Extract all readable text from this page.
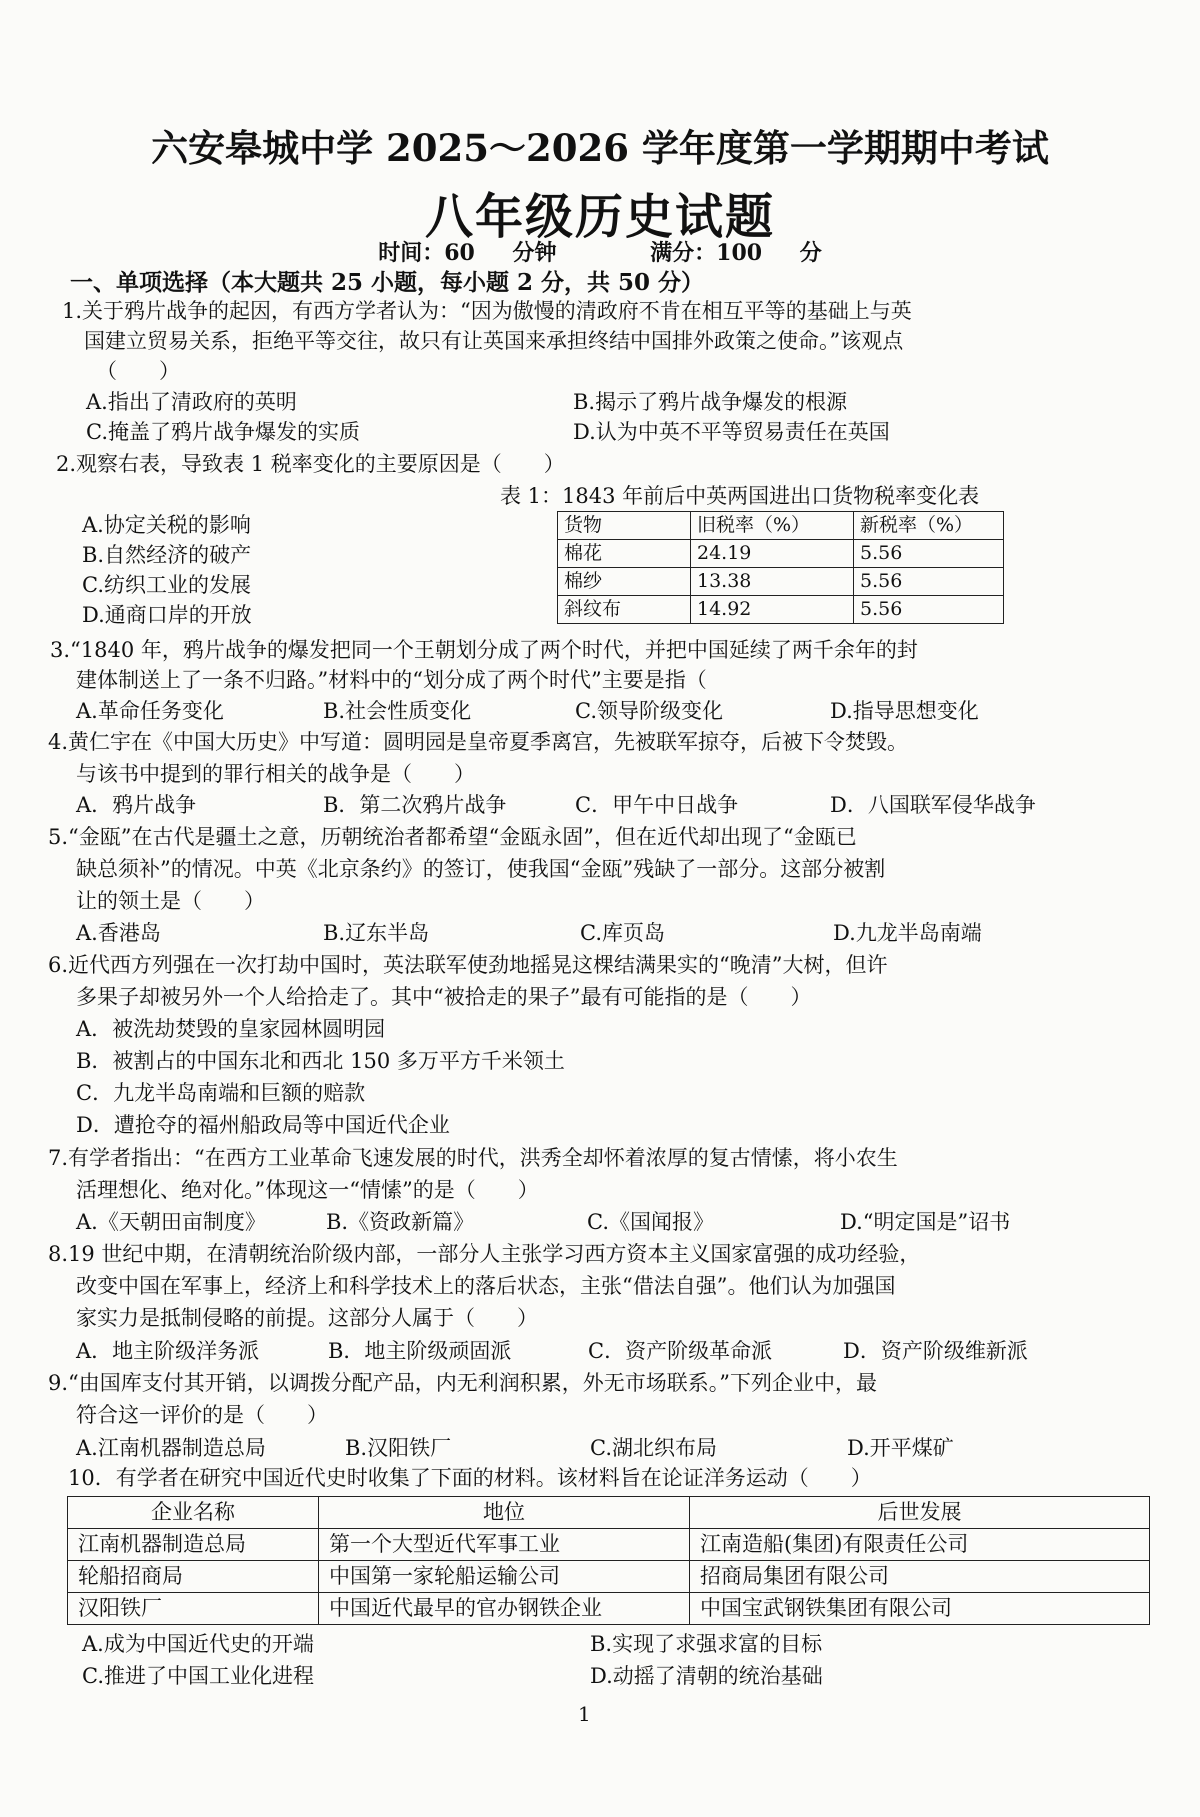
六安皋城中学 2025～2026 学年度第一学期期中考试
八年级历史试题
时间：60 分钟	满分：100 分
一、单项选择（本大题共 25 小题，每小题 2 分，共 50 分）
1.关于鸦片战争的起因，有西方学者认为：“因为傲慢的清政府不肯在相互平等的基础上与英
国建立贸易关系，拒绝平等交往，故只有让英国来承担终结中国排外政策之使命。”该观点
（　　）
A.指出了清政府的英明	B.揭示了鸦片战争爆发的根源
C.掩盖了鸦片战争爆发的实质	D.认为中英不平等贸易责任在英国
2.观察右表，导致表 1 税率变化的主要原因是（　　）
表 1：1843 年前后中英两国进出口货物税率变化表
A.协定关税的影响
B.自然经济的破产
C.纺织工业的发展
D.通商口岸的开放
货物	旧税率（%）	新税率（%）
棉花	24.19	5.56
棉纱	13.38	5.56
斜纹布	14.92	5.56
3.“1840 年，鸦片战争的爆发把同一个王朝划分成了两个时代，并把中国延续了两千余年的封
建体制送上了一条不归路。”材料中的“划分成了两个时代”主要是指（
A.革命任务变化	B.社会性质变化	C.领导阶级变化	D.指导思想变化
4.黄仁宇在《中国大历史》中写道：圆明园是皇帝夏季离宫，先被联军掠夺，后被下令焚毁。
与该书中提到的罪行相关的战争是（　　）
A．鸦片战争	B．第二次鸦片战争	C．甲午中日战争	D．八国联军侵华战争
5.“金瓯”在古代是疆土之意，历朝统治者都希望“金瓯永固”，但在近代却出现了“金瓯已
缺总须补”的情况。中英《北京条约》的签订，使我国“金瓯”残缺了一部分。这部分被割
让的领土是（　　）
A.香港岛	B.辽东半岛	C.库页岛	D.九龙半岛南端
6.近代西方列强在一次打劫中国时，英法联军使劲地摇晃这棵结满果实的“晚清”大树，但许
多果子却被另外一个人给拾走了。其中“被拾走的果子”最有可能指的是（　　）
A．被洗劫焚毁的皇家园林圆明园
B．被割占的中国东北和西北 150 多万平方千米领土
C．九龙半岛南端和巨额的赔款
D．遭抢夺的福州船政局等中国近代企业
7.有学者指出：“在西方工业革命飞速发展的时代，洪秀全却怀着浓厚的复古情愫，将小农生
活理想化、绝对化。”体现这一“情愫”的是（　　）
A.《天朝田亩制度》	B.《资政新篇》	C.《国闻报》	D.“明定国是”诏书
8.19 世纪中期，在清朝统治阶级内部，一部分人主张学习西方资本主义国家富强的成功经验，
改变中国在军事上，经济上和科学技术上的落后状态，主张“借法自强”。他们认为加强国
家实力是抵制侵略的前提。这部分人属于（　　）
A．地主阶级洋务派	B．地主阶级顽固派	C．资产阶级革命派	D．资产阶级维新派
9.“由国库支付其开销，以调拨分配产品，内无利润积累，外无市场联系。”下列企业中，最
符合这一评价的是（　　）
A.江南机器制造总局	B.汉阳铁厂	C.湖北织布局	D.开平煤矿
10．有学者在研究中国近代史时收集了下面的材料。该材料旨在论证洋务运动（　　）
企业名称	地位	后世发展
江南机器制造总局	第一个大型近代军事工业	江南造船(集团)有限责任公司
轮船招商局	中国第一家轮船运输公司	招商局集团有限公司
汉阳铁厂	中国近代最早的官办钢铁企业	中国宝武钢铁集团有限公司
A.成为中国近代史的开端	B.实现了求强求富的目标
C.推进了中国工业化进程	D.动摇了清朝的统治基础
1
